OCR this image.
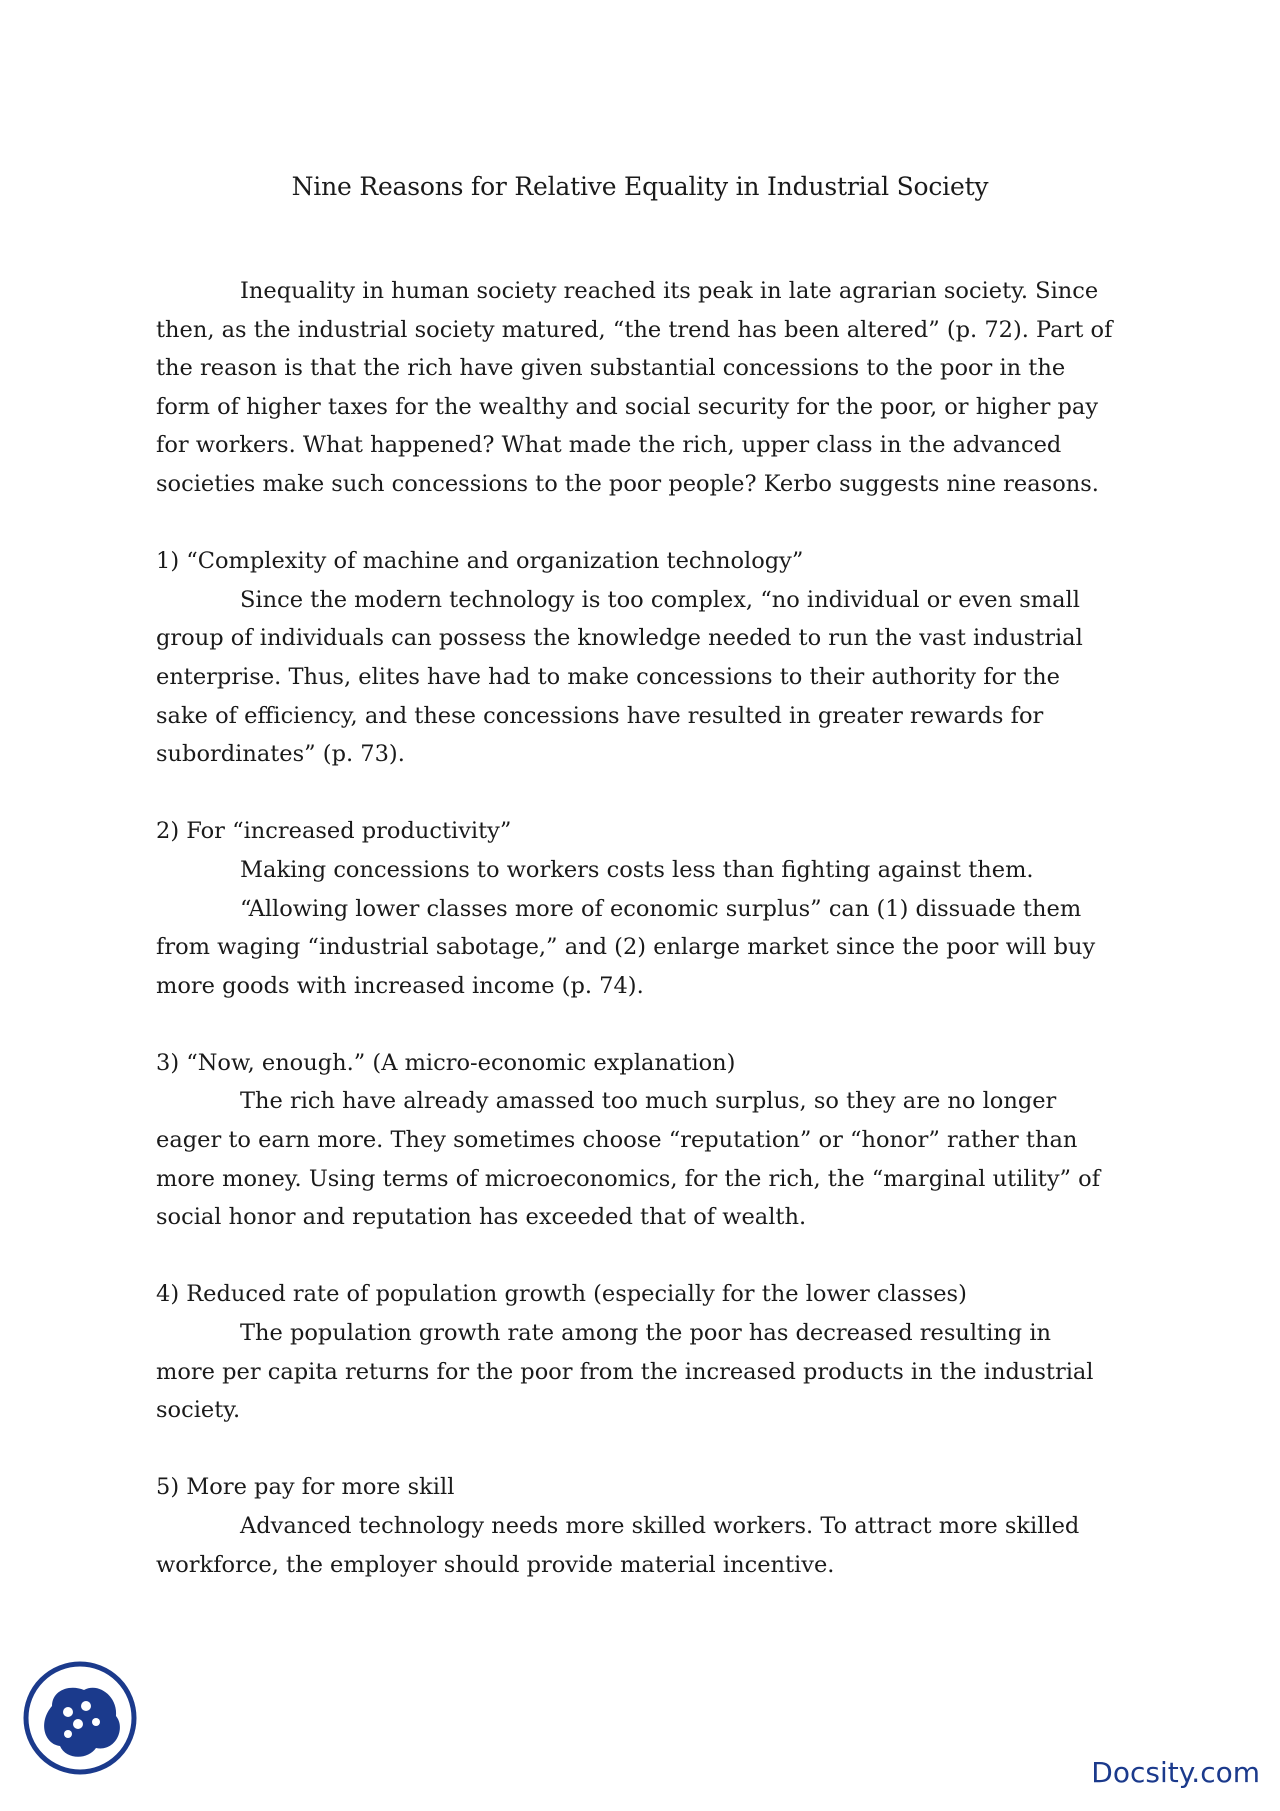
Nine Reasons for Relative Equality in Industrial Society

Inequality in human society reached its peak in late agrarian society. Since then, as the industrial society matured, “the trend has been altered” (p. 72). Part of the reason is that the rich have given substantial concessions to the poor in the form of higher taxes for the wealthy and social security for the poor, or higher pay for workers. What happened? What made the rich, upper class in the advanced societies make such concessions to the poor people? Kerbo suggests nine reasons.

1) “Complexity of machine and organization technology”

Since the modern technology is too complex, “no individual or even small group of individuals can possess the knowledge needed to run the vast industrial enterprise. Thus, elites have had to make concessions to their authority for the sake of efficiency, and these concessions have resulted in greater rewards for subordinates” (p. 73).

2) For “increased productivity”

Making concessions to workers costs less than fighting against them.

“Allowing lower classes more of economic surplus” can (1) dissuade them from waging “industrial sabotage,” and (2) enlarge market since the poor will buy more goods with increased income (p. 74).

3) “Now, enough.” (A micro-economic explanation)

The rich have already amassed too much surplus, so they are no longer eager to earn more. They sometimes choose “reputation” or “honor” rather than more money. Using terms of microeconomics, for the rich, the “marginal utility” of social honor and reputation has exceeded that of wealth.

4) Reduced rate of population growth (especially for the lower classes)

The population growth rate among the poor has decreased resulting in more per capita returns for the poor from the increased products in the industrial society.

5) More pay for more skill

Advanced technology needs more skilled workers. To attract more skilled workforce, the employer should provide material incentive.

Docsity.com
